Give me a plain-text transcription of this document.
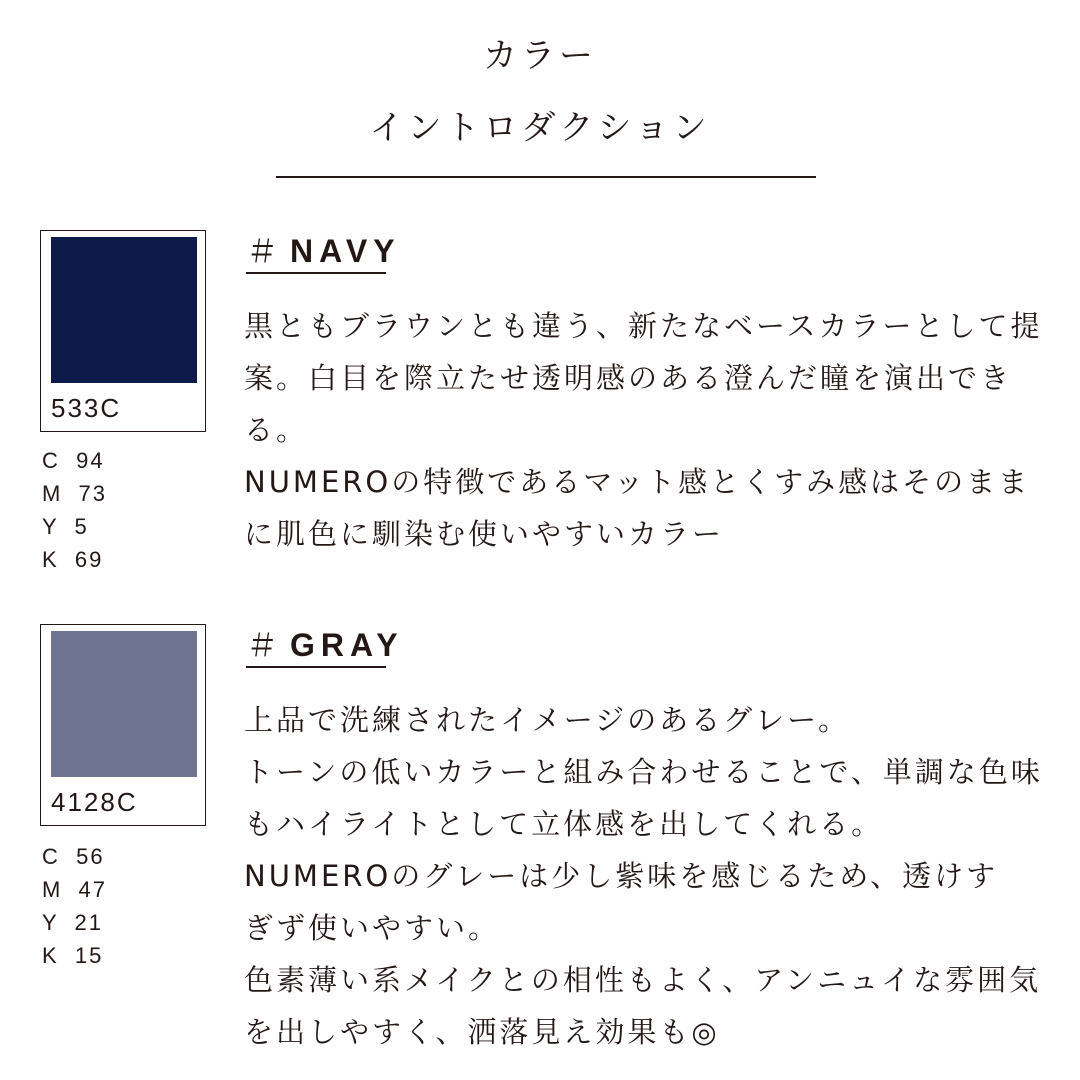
カラー
イントロダクション
533C
C  94
M  73
Y  5
K  69
＃ NAVY

黒ともブラウンとも違う、新たなベースカラーとして提

案。白目を際立たせ透明感のある澄んだ瞳を演出でき

る。

NUMEROの特徴であるマット感とくすみ感はそのまま

に肌色に馴染む使いやすいカラー

4128C
C  56
M  47
Y  21
K  15
＃ GRAY

上品で洗練されたイメージのあるグレー。

トーンの低いカラーと組み合わせることで、単調な色味

もハイライトとして立体感を出してくれる。

NUMEROのグレーは少し紫味を感じるため、透けす

ぎず使いやすい。

色素薄い系メイクとの相性もよく、アンニュイな雰囲気

を出しやすく、洒落見え効果も◎
